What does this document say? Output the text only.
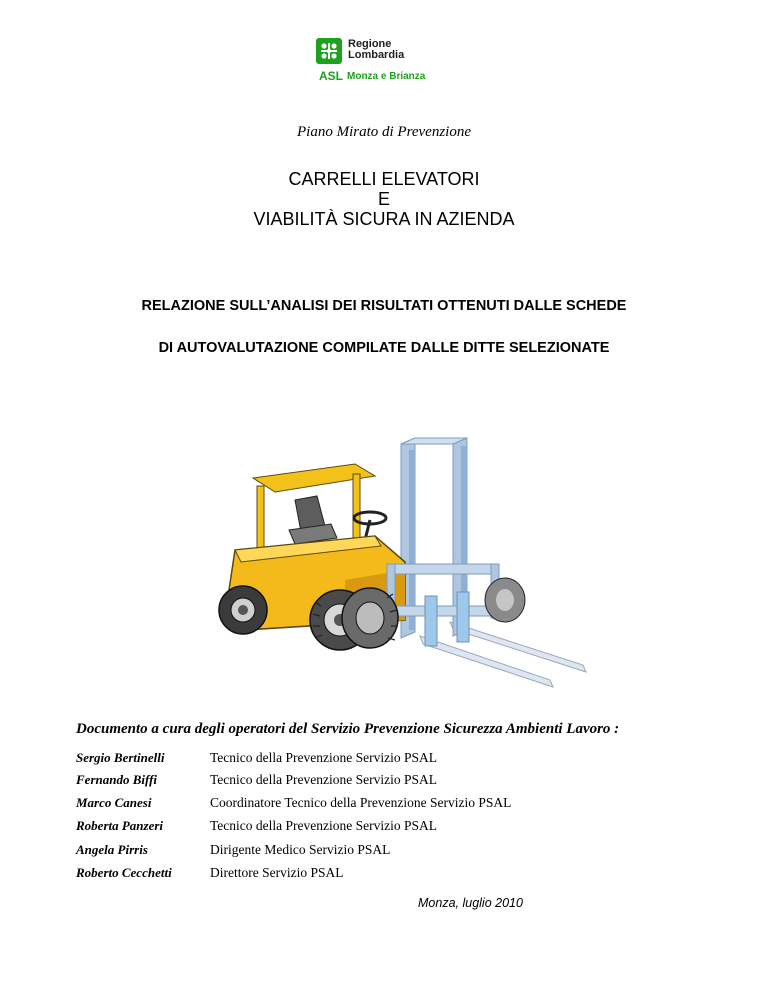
Regione
Lombardia
ASL Monza e Brianza
Piano Mirato di Prevenzione
CARRELLI ELEVATORI
E
VIABILITÀ SICURA IN AZIENDA
RELAZIONE SULL’ANALISI DEI RISULTATI OTTENUTI DALLE SCHEDE
DI AUTOVALUTAZIONE COMPILATE DALLE DITTE SELEZIONATE
Documento a cura degli operatori del Servizio Prevenzione Sicurezza Ambienti Lavoro :
Sergio Bertinelli	Tecnico della Prevenzione Servizio PSAL
Fernando Biffi	Tecnico della Prevenzione Servizio PSAL
Marco Canesi	Coordinatore Tecnico della Prevenzione Servizio PSAL
Roberta Panzeri	Tecnico della Prevenzione Servizio PSAL
Angela Pirris	Dirigente Medico Servizio PSAL
Roberto Cecchetti	Direttore Servizio PSAL
Monza, luglio 2010
